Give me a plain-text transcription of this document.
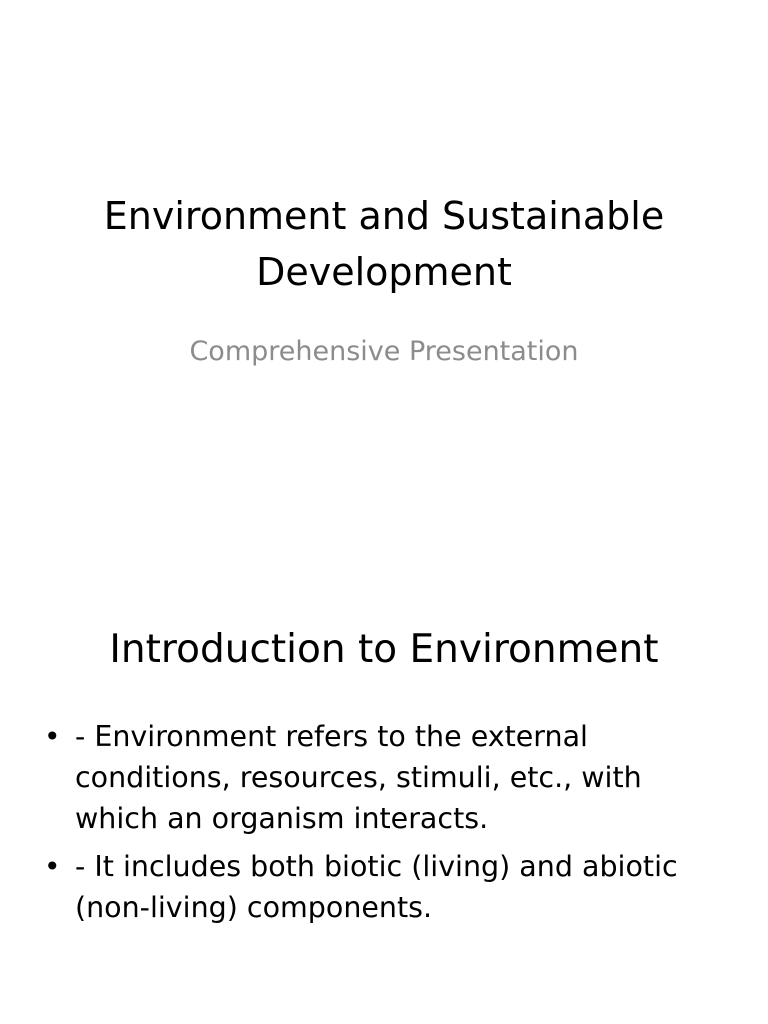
Environment and Sustainable Development

Comprehensive Presentation

Introduction to Environment
• - Environment refers to the external conditions, resources, stimuli, etc., with which an organism interacts.
• - It includes both biotic (living) and abiotic (non-living) components.
